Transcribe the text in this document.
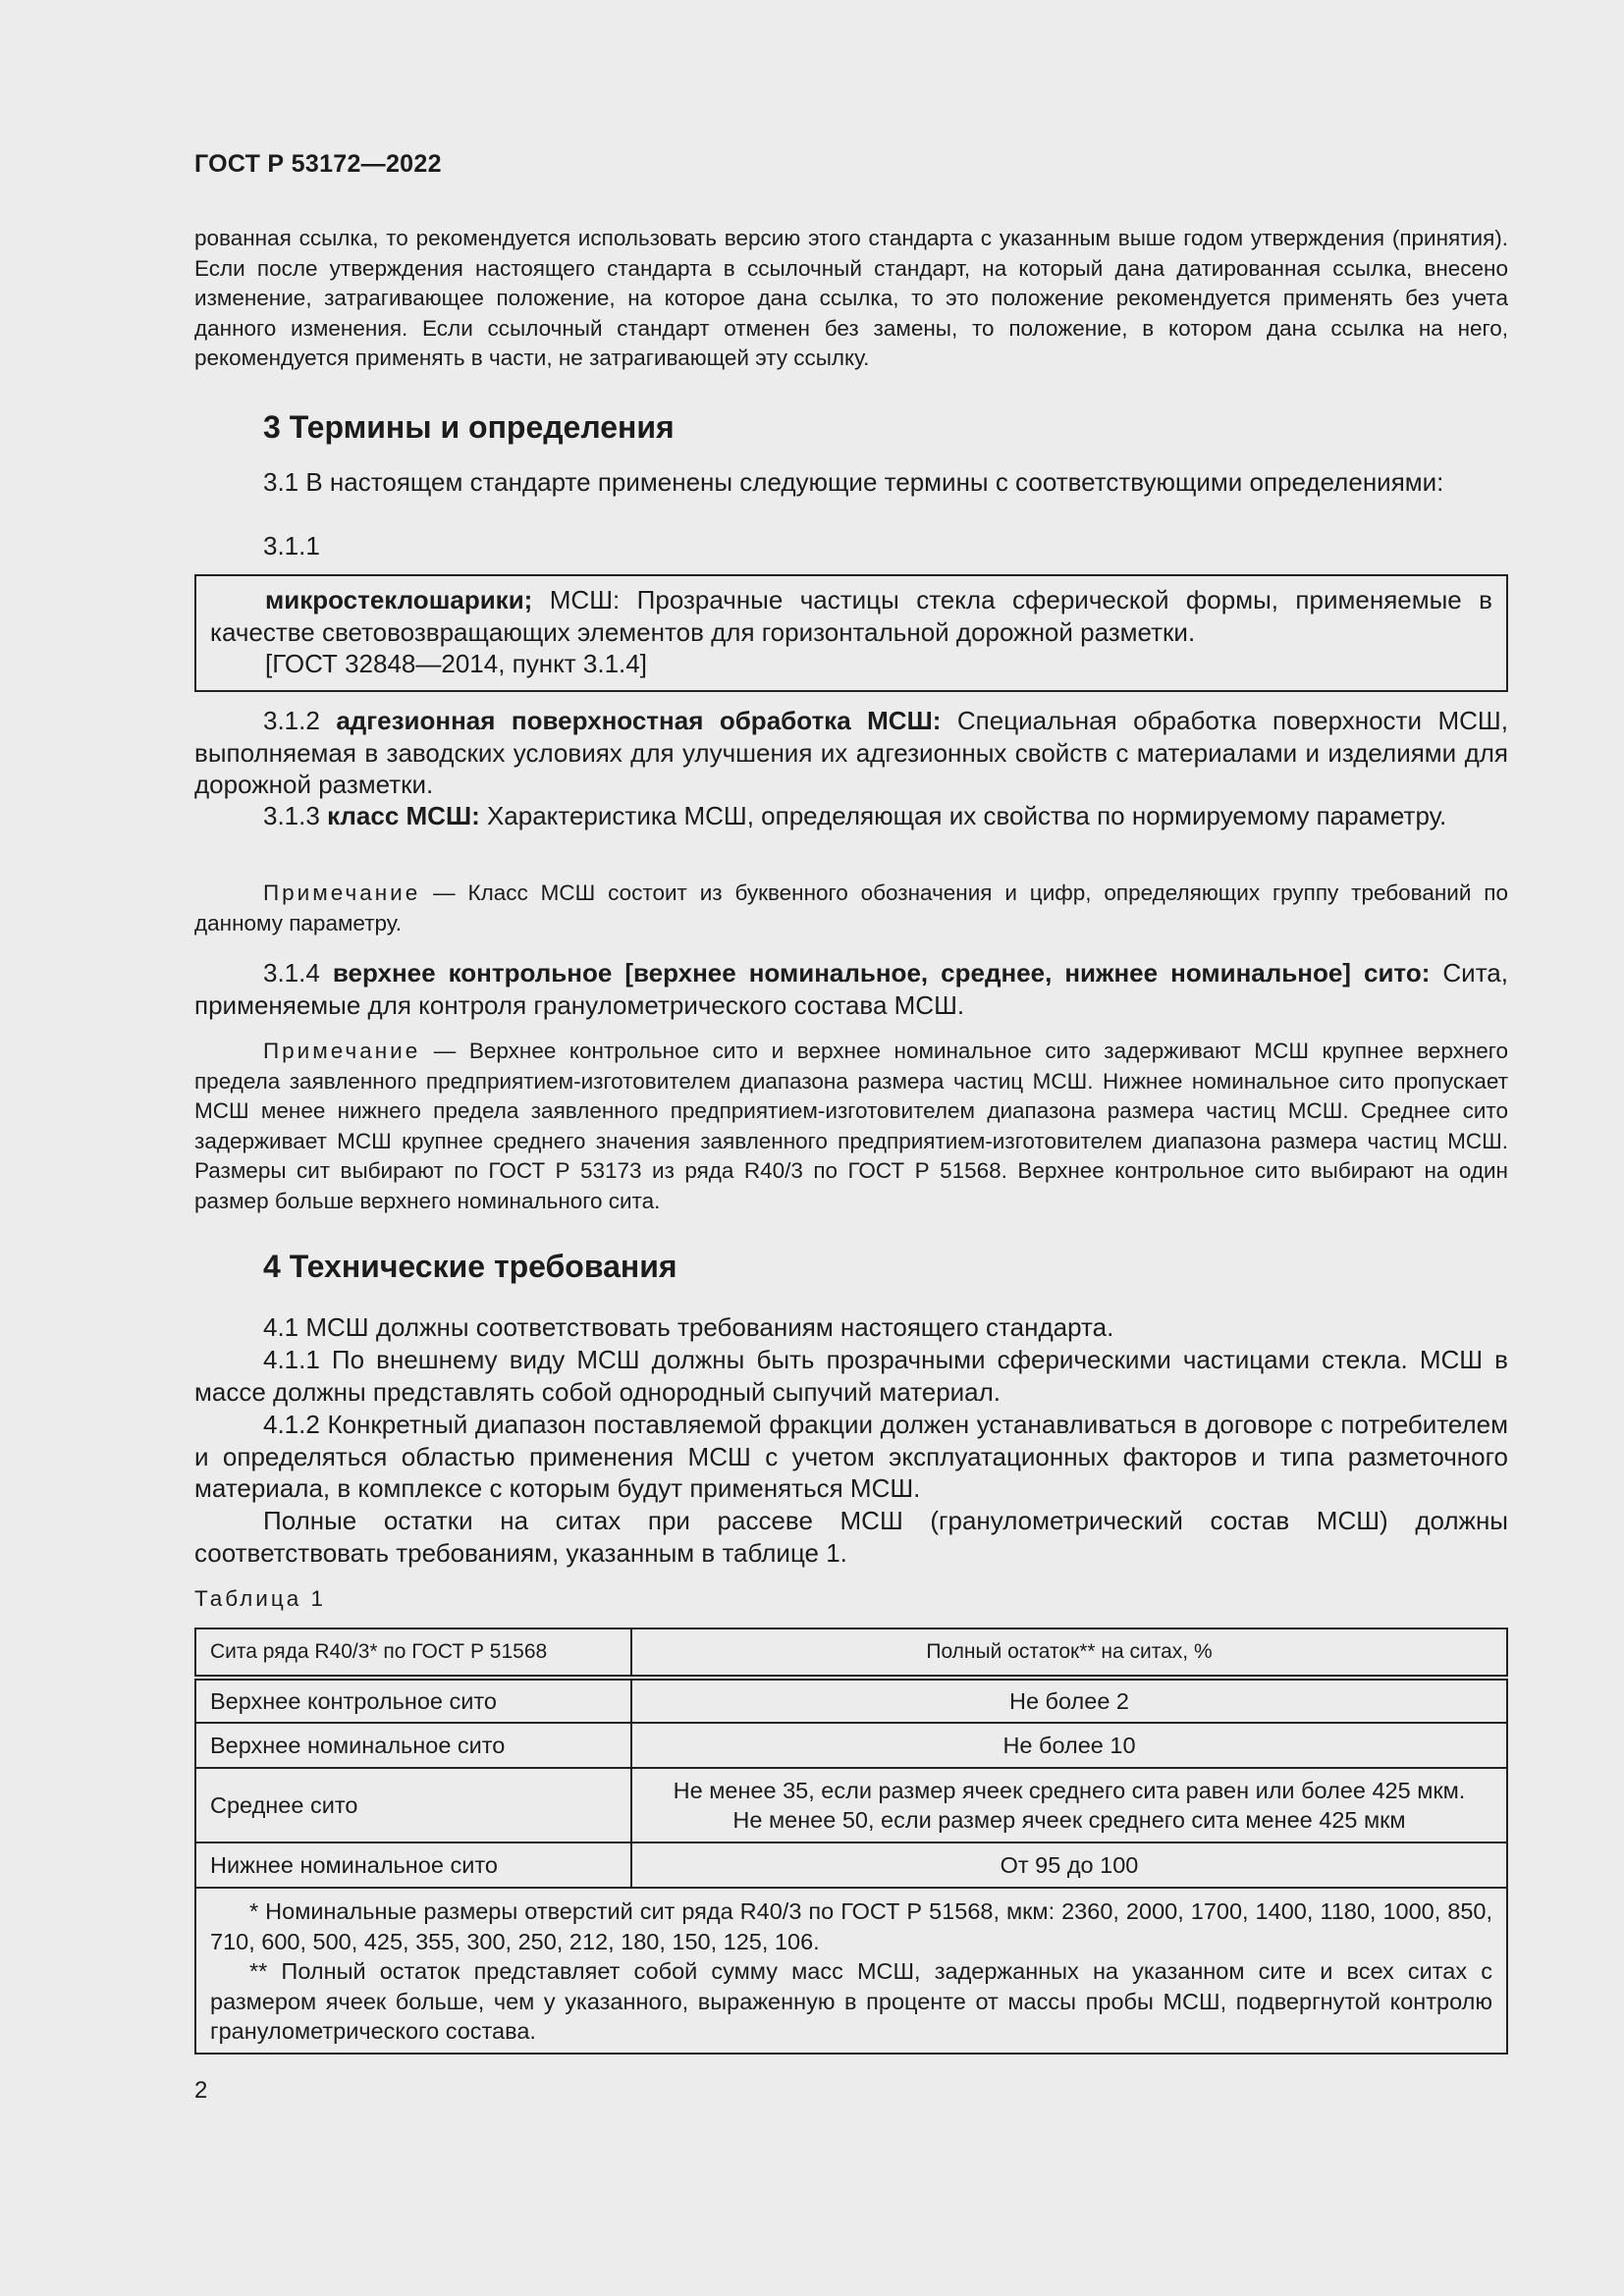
ГОСТ Р 53172—2022

рованная ссылка, то рекомендуется использовать версию этого стандарта с указанным выше годом утверждения (принятия). Если после утверждения настоящего стандарта в ссылочный стандарт, на который дана датированная ссылка, внесено изменение, затрагивающее положение, на которое дана ссылка, то это положение рекомендуется применять без учета данного изменения. Если ссылочный стандарт отменен без замены, то положение, в котором дана ссылка на него, рекомендуется применять в части, не затрагивающей эту ссылку.

3 Термины и определения

3.1 В настоящем стандарте применены следующие термины с соответствующими определениями:

3.1.1

микростеклошарики; МСШ: Прозрачные частицы стекла сферической формы, применяемые в качестве световозвращающих элементов для горизонтальной дорожной разметки.

[ГОСТ 32848—2014, пункт 3.1.4]

3.1.2 адгезионная поверхностная обработка МСШ: Специальная обработка поверхности МСШ, выполняемая в заводских условиях для улучшения их адгезионных свойств с материалами и изделиями для дорожной разметки.

3.1.3 класс МСШ: Характеристика МСШ, определяющая их свойства по нормируемому параметру.

Примечание — Класс МСШ состоит из буквенного обозначения и цифр, определяющих группу требований по данному параметру.

3.1.4 верхнее контрольное [верхнее номинальное, среднее, нижнее номинальное] сито: Сита, применяемые для контроля гранулометрического состава МСШ.

Примечание — Верхнее контрольное сито и верхнее номинальное сито задерживают МСШ крупнее верхнего предела заявленного предприятием-изготовителем диапазона размера частиц МСШ. Нижнее номинальное сито пропускает МСШ менее нижнего предела заявленного предприятием-изготовителем диапазона размера частиц МСШ. Среднее сито задерживает МСШ крупнее среднего значения заявленного предприятием-изготовителем диапазона размера частиц МСШ. Размеры сит выбирают по ГОСТ Р 53173 из ряда R40/3 по ГОСТ Р 51568. Верхнее контрольное сито выбирают на один размер больше верхнего номинального сита.

4 Технические требования

4.1 МСШ должны соответствовать требованиям настоящего стандарта.

4.1.1 По внешнему виду МСШ должны быть прозрачными сферическими частицами стекла. МСШ в массе должны представлять собой однородный сыпучий материал.

4.1.2 Конкретный диапазон поставляемой фракции должен устанавливаться в договоре с потребителем и определяться областью применения МСШ с учетом эксплуатационных факторов и типа разметочного материала, в комплексе с которым будут применяться МСШ.

Полные остатки на ситах при рассеве МСШ (гранулометрический состав МСШ) должны соответствовать требованиям, указанным в таблице 1.

Таблица 1

Сита ряда R40/3* по ГОСТ Р 51568	Полный остаток** на ситах, %
Верхнее контрольное сито	Не более 2
Верхнее номинальное сито	Не более 10
Среднее сито	Не менее 35, если размер ячеек среднего сита равен или более 425 мкм.
Не менее 50, если размер ячеек среднего сита менее 425 мкм

Нижнее номинальное сито	От 95 до 100

* Номинальные размеры отверстий сит ряда R40/3 по ГОСТ Р 51568, мкм: 2360, 2000, 1700, 1400, 1180, 1000, 850, 710, 600, 500, 425, 355, 300, 250, 212, 180, 150, 125, 106.

** Полный остаток представляет собой сумму масс МСШ, задержанных на указанном сите и всех ситах с размером ячеек больше, чем у указанного, выраженную в проценте от массы пробы МСШ, подвергнутой контролю гранулометрического состава.	

2
